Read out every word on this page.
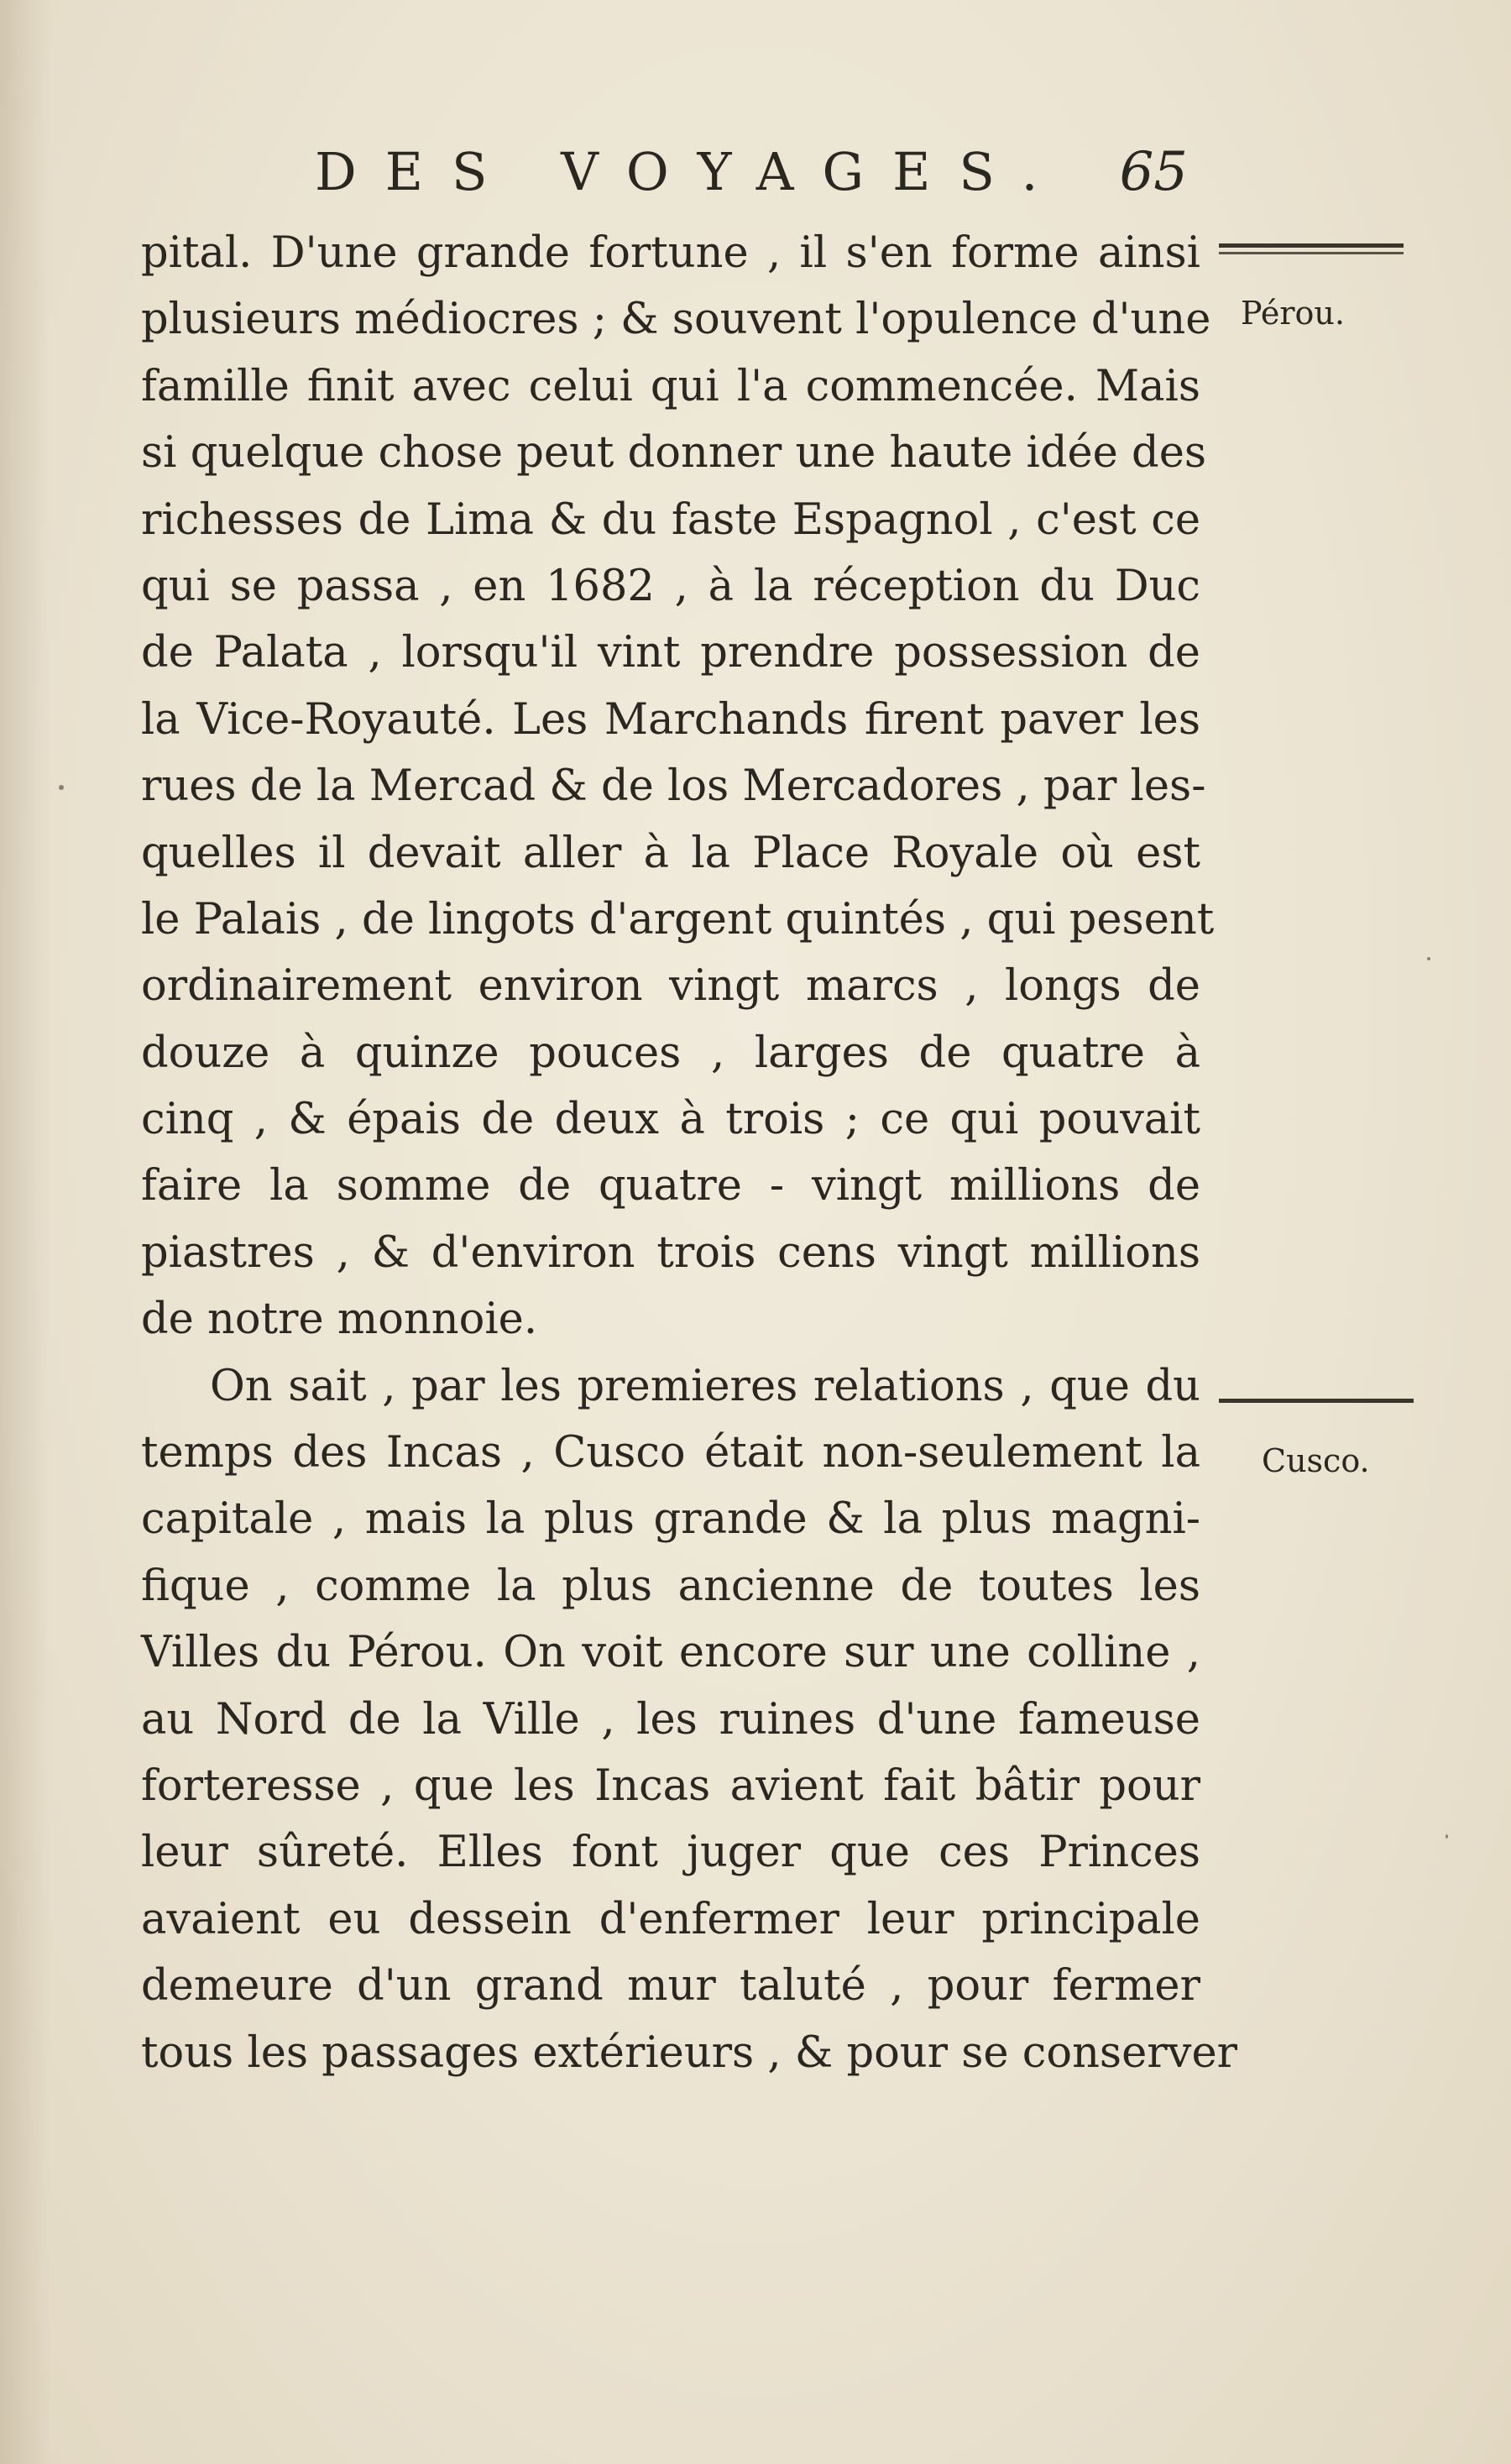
DES VOYAGES. 65
Pérou.
Cusco.
pital. D'une grande fortune , il s'en forme ainsi
plusieurs médiocres ; & souvent l'opulence d'une
famille finit avec celui qui l'a commencée. Mais
si quelque chose peut donner une haute idée des
richesses de Lima & du faste Espagnol , c'est ce
qui se passa , en 1682 , à la réception du Duc
de Palata , lorsqu'il vint prendre possession de
la Vice-Royauté. Les Marchands firent paver les
rues de la Mercad & de los Mercadores , par les-
quelles il devait aller à la Place Royale où est
le Palais , de lingots d'argent quintés , qui pesent
ordinairement environ vingt marcs , longs de
douze à quinze pouces , larges de quatre à
cinq , & épais de deux à trois ; ce qui pouvait
faire la somme de quatre - vingt millions de
piastres , & d'environ trois cens vingt millions
de notre monnoie.
On sait , par les premieres relations , que du
temps des Incas , Cusco était non-seulement la
capitale , mais la plus grande & la plus magni-
fique , comme la plus ancienne de toutes les
Villes du Pérou. On voit encore sur une colline ,
au Nord de la Ville , les ruines d'une fameuse
forteresse , que les Incas avient fait bâtir pour
leur sûreté. Elles font juger que ces Princes
avaient eu dessein d'enfermer leur principale
demeure d'un grand mur taluté , pour fermer
tous les passages extérieurs , & pour se conserver
